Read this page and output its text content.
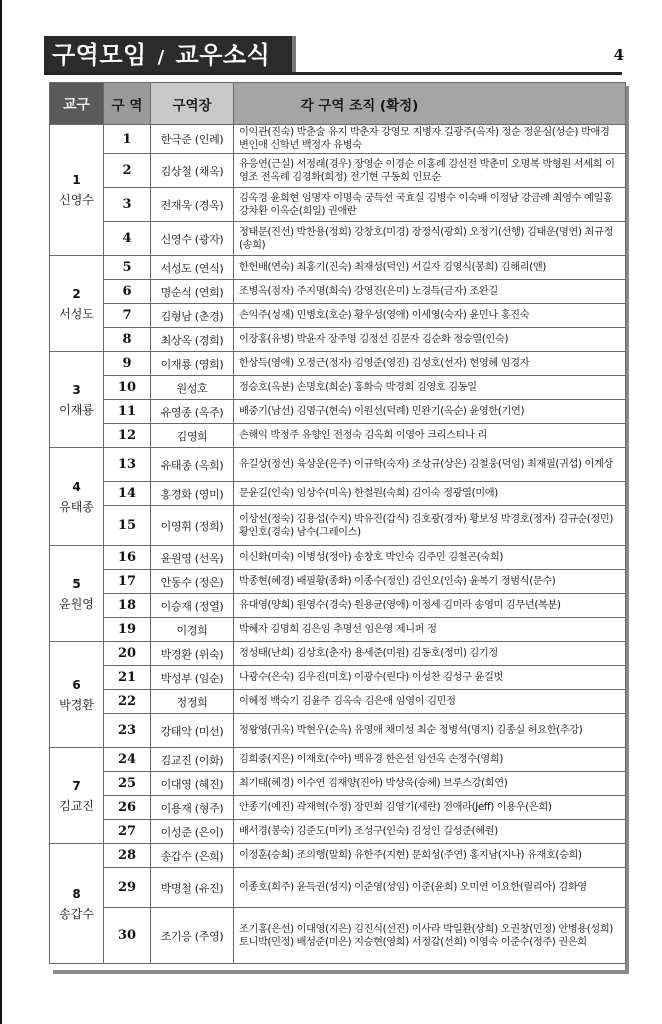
구역모임 / 교우소식	4
교구	구 역	구역장	각 구역 조직 (확정)

1
신영수	1	한극준 (인례)	이익관(진숙) 박춘술 유지 박춘자 강영모 지병자 길광주(옥자) 정순 정운심(성순) 박애경 변인애 신학년 백정자 유병숙
	2	김상철 (채옥)	유응연(근실) 서정래(경우) 장영순 이경순 이홍례 김선전 박춘미 오명복 박형원 서세희 이영조 전옥례 김경화(희정) 전기현 구동희 인묘순
	3	전재욱 (경옥)	김옥경 윤희현 임명자 이명숙 궁득선 국효실 김병수 이숙배 이정남 강금례 최영수 예일홍 강차환 이옥순(희일) 권애란
	4	신영수 (광자)	정태문(진선) 박찬용(정희) 강창호(미경) 장정식(광희) 오정기(선행) 김태운(명연) 최규정(송희)

2
서성도	5	서성도 (연식)	한헌배(연숙) 최홍기(진숙) 최재성(덕인) 서길자 김영식(봉희) 김해리(앤)
	6	명순식 (연희)	조병옥(점자) 주지명(희숙) 강영진(은미) 노경득(금자) 조완길
	7	김형남 (춘경)	손익주(성재) 민병호(호순) 황우성(영애) 이세영(숙자) 윤민나 홍진숙
	8	최상옥 (경희)	이장홍(유병) 박윤자 장주영 김정선 김문자 김순화 정승열(인숙)

3
이재룡	9	이재룡 (영희)	한상득(영애) 오정근(정자) 김영준(영진) 김성호(선자) 현영혜 임경자
	10	원성호	정승호(옥분) 손명호(희순) 홍화숙 박경희 김영호 김동일
	11	유영종 (옥주)	배중기(남선) 김명구(현숙) 이원선(덕례) 민완기(옥순) 윤영한(기연)
	12	김영희	손해익 박정주 유향인 전정숙 김옥희 이영아 크리스티나 리

4
유태종	13	유태종 (옥희)	유길상(정선) 육상운(은주) 이규학(숙자) 조상규(상은) 김철웅(덕임) 최재필(귀섭) 이계상
	14	홍경화 (영미)	문윤길(인숙) 임상수(미옥) 한철원(숙희) 김이숙 정광열(미애)
	15	이영휘 (정희)	이상선(정숙) 김용섭(수지) 박유진(갑식) 김호광(경자) 황보성 박경호(정자) 김규순(정민) 황인호(경숙) 남수(그레이스)

5
윤원영	16	윤원영 (선옥)	이신화(미숙) 이병성(정아) 송창호 박인숙 김주민 김철곤(숙희)
	17	안동수 (정은)	박종현(혜경) 배필황(종화) 이종수(정인) 김인오(인숙) 윤복기 정범식(문수)
	18	이승재 (정열)	유대영(양희) 원영수(경숙) 원용균(영애) 이정세 김미라 송영미 김무년(복분)
	19	이경희	박혜자 김명희 김은임 추명선 임은영 제니퍼 정

6
박경환	20	박경환 (위숙)	정성태(난희) 김상호(춘자) 용세준(미원) 김동호(정미) 김기정
	21	박성부 (임순)	나광수(은숙) 김우진(미호) 이광수(린다) 이성찬 김성구 윤길벗
	22	정정희	이혜정 백숙기 김윤주 김옥숙 김은애 임영이 김민정
	23	강태악 (미선)	정왕영(귀옥) 박현우(순옥) 유영애 채미성 최순 정병석(명지) 김종실 허요한(추강)

7
김교진	24	김교진 (이화)	김희중(지은) 이재호(수아) 백유경 한은선 임선옥 손정수(영희)
	25	이대영 (혜진)	최기태(혜경) 이수연 김재양(진아) 박상욱(승혜) 브루스강(희연)
	26	이용재 (형주)	안종기(예진) 곽재혁(수정) 장민희 김영기(세란) 전애라(Jeff) 이용우(은희)
	27	이성준 (은이)	배서경(봉숙) 김준도(미키) 조성구(인숙) 김성인 길성준(혜원)

8
송갑수	28	송갑수 (은희)	이정훈(승희) 조의행(말희) 유한주(지현) 문희성(주연) 홍지남(지나) 유재호(승희)
	29	박명철 (유진)	이종호(희주) 윤득권(성지) 이준영(성임) 이준(윤희) 오미연 이요한(릴리아) 김화영
	30	조기응 (주영)	조기홍(은선) 이대영(지은) 김진식(선진) 이사라 박일환(상희) 오권창(민정) 안병용(성희) 토니박(민정) 배성준(미은) 지승현(영희) 서정갑(선희) 이영숙 이준수(정주) 권은희
